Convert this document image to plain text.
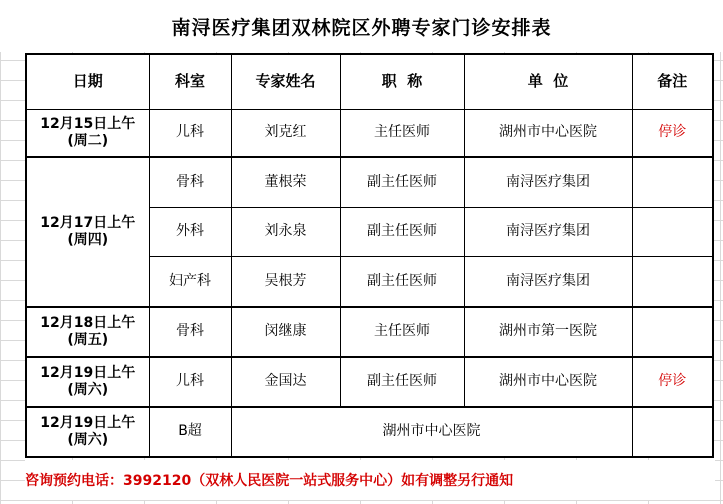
南浔医疗集团双林院区外聘专家门诊安排表
日期	科室	专家姓名	职  称	单  位	备注

12月15日上午
(周二)	儿科	刘克红	主任医师	湖州市中心医院	停诊

12月17日上午
(周四)	骨科	董根荣	副主任医师	南浔医疗集团	
	外科	刘永泉	副主任医师	南浔医疗集团	
	妇产科	吴根芳	副主任医师	南浔医疗集团	

12月18日上午
(周五)	骨科	闵继康	主任医师	湖州市第一医院	

12月19日上午
(周六)	儿科	金国达	副主任医师	湖州市中心医院	停诊

12月19日上午
(周六)	B超	湖州市中心医院			
咨询预约电话：3992120（双林人民医院一站式服务中心）如有调整另行通知
